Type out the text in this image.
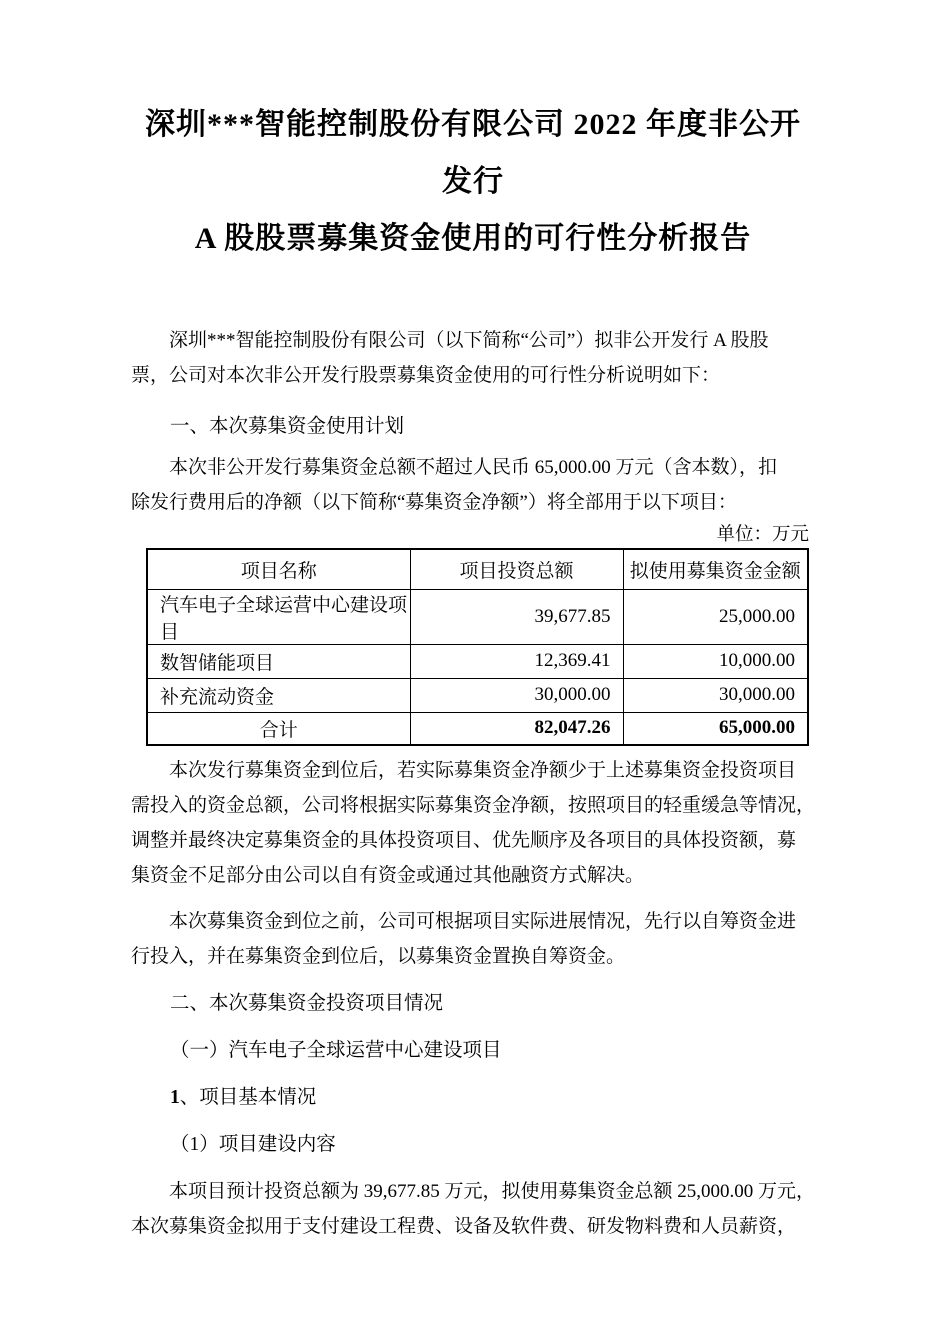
深圳***智能控制股份有限公司 2022 年度非公开发行
A 股股票募集资金使用的可行性分析报告
深圳***智能控制股份有限公司（以下简称“公司”）拟非公开发行 A 股股
票，公司对本次非公开发行股票募集资金使用的可行性分析说明如下：
一、本次募集资金使用计划
本次非公开发行募集资金总额不超过人民币 65,000.00 万元（含本数），扣
除发行费用后的净额（以下简称“募集资金净额”）将全部用于以下项目：
单位：万元
项目名称	项目投资总额	拟使用募集资金金额
汽车电子全球运营中心建设项目	39,677.85	25,000.00
数智储能项目	12,369.41	10,000.00
补充流动资金	30,000.00	30,000.00
合计	82,047.26	65,000.00
本次发行募集资金到位后，若实际募集资金净额少于上述募集资金投资项目
需投入的资金总额，公司将根据实际募集资金净额，按照项目的轻重缓急等情况，
调整并最终决定募集资金的具体投资项目、优先顺序及各项目的具体投资额，募
集资金不足部分由公司以自有资金或通过其他融资方式解决。
本次募集资金到位之前，公司可根据项目实际进展情况，先行以自筹资金进
行投入，并在募集资金到位后，以募集资金置换自筹资金。
二、本次募集资金投资项目情况
（一）汽车电子全球运营中心建设项目
1、项目基本情况
（1）项目建设内容
本项目预计投资总额为 39,677.85 万元，拟使用募集资金总额 25,000.00 万元，
本次募集资金拟用于支付建设工程费、设备及软件费、研发物料费和人员薪资，
